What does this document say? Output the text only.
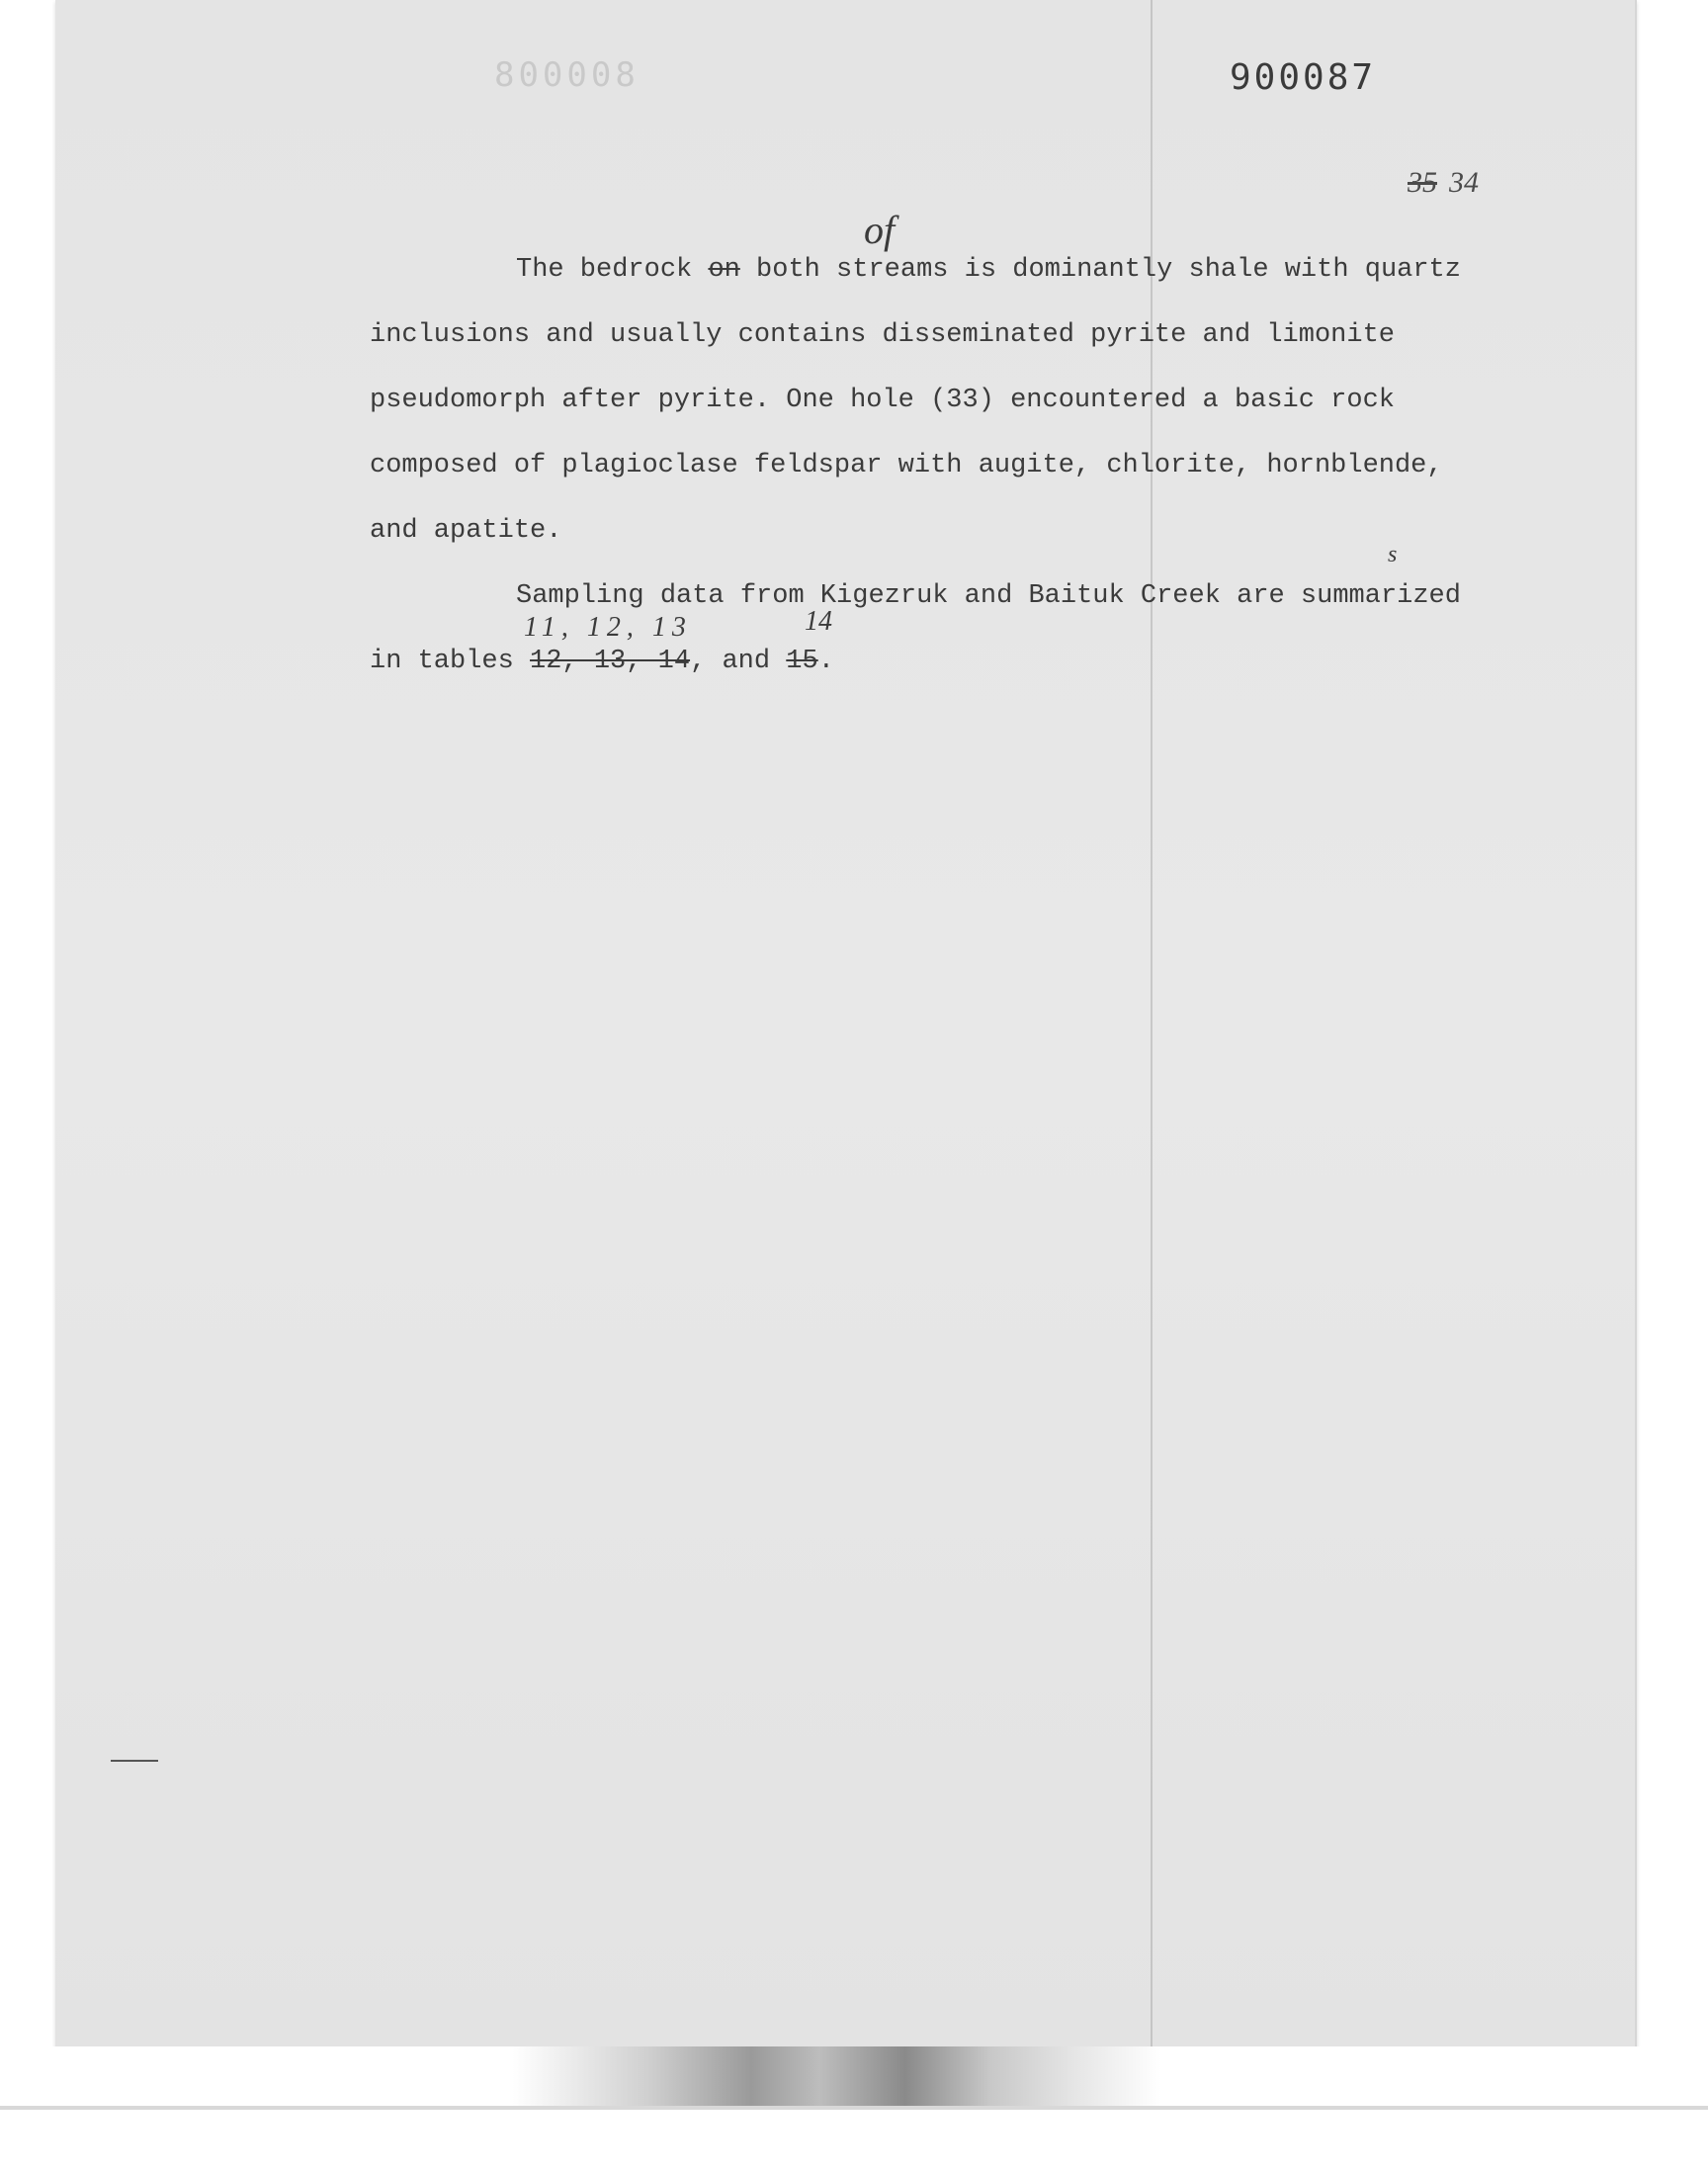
800008	900087
35 34
of
The bedrock on both streams is dominantly shale with quartz
inclusions and usually contains disseminated pyrite and limonite
pseudomorph after pyrite. One hole (33) encountered a basic rock
composed of plagioclase feldspar with augite, chlorite, hornblende,
and apatite.
s
Sampling data from Kigezruk and Baituk Creek are summarized
11, 12, 13	14
in tables 12, 13, 14, and 15.
